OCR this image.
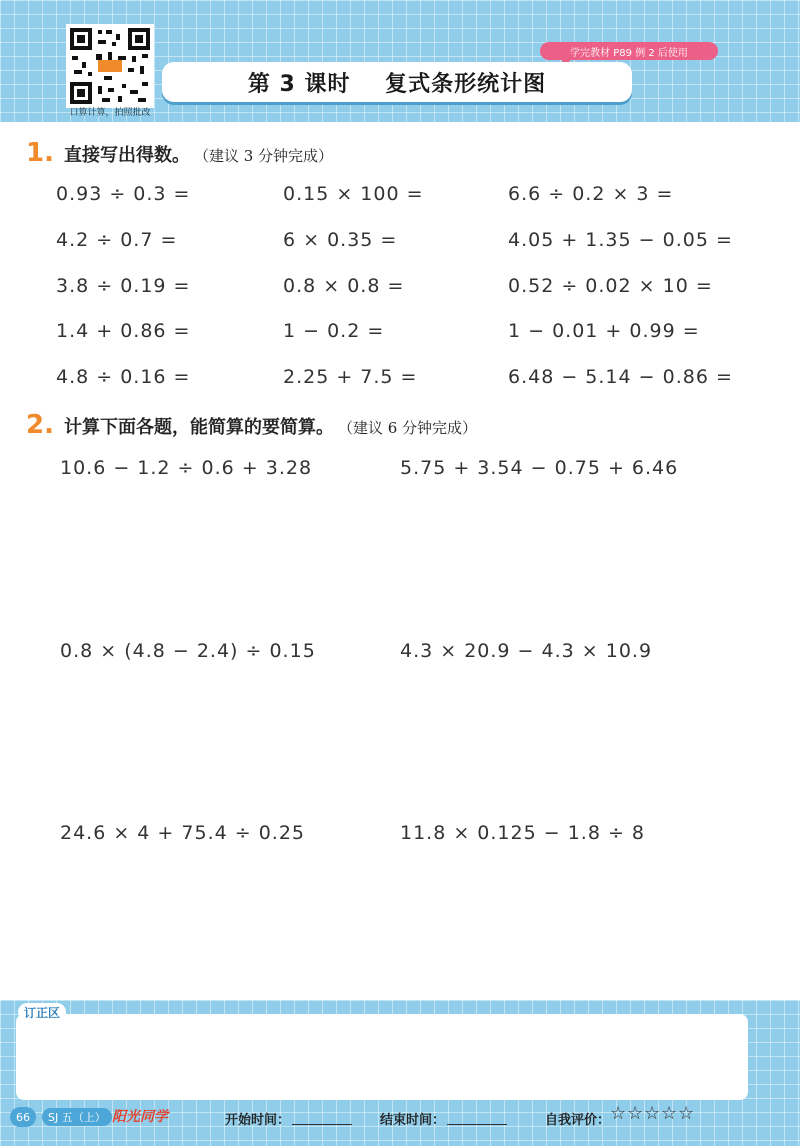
口算计算，拍照批改
学完教材 P89 例 2 后使用
第 3 课时    复式条形统计图
1. 直接写出得数。 （建议 3 分钟完成）
0.93 ÷ 0.3 =	0.15 × 100 =	6.6 ÷ 0.2 × 3 =
4.2 ÷ 0.7 =	6 × 0.35 =	4.05 + 1.35 − 0.05 =
3.8 ÷ 0.19 =	0.8 × 0.8 =	0.52 ÷ 0.02 × 10 =
1.4 + 0.86 =	1 − 0.2 =	1 − 0.01 + 0.99 =
4.8 ÷ 0.16 =	2.25 + 7.5 =	6.48 − 5.14 − 0.86 =
2. 计算下面各题，能简算的要简算。 （建议 6 分钟完成）
10.6 − 1.2 ÷ 0.6 + 3.28	5.75 + 3.54 − 0.75 + 6.46
0.8 × (4.8 − 2.4) ÷ 0.15	4.3 × 20.9 − 4.3 × 10.9
24.6 × 4 + 75.4 ÷ 0.25	11.8 × 0.125 − 1.8 ÷ 8
订正区
66	SJ 五（上） 阳光同学	开始时间：	结束时间：	自我评价： ☆ ☆ ☆ ☆ ☆
